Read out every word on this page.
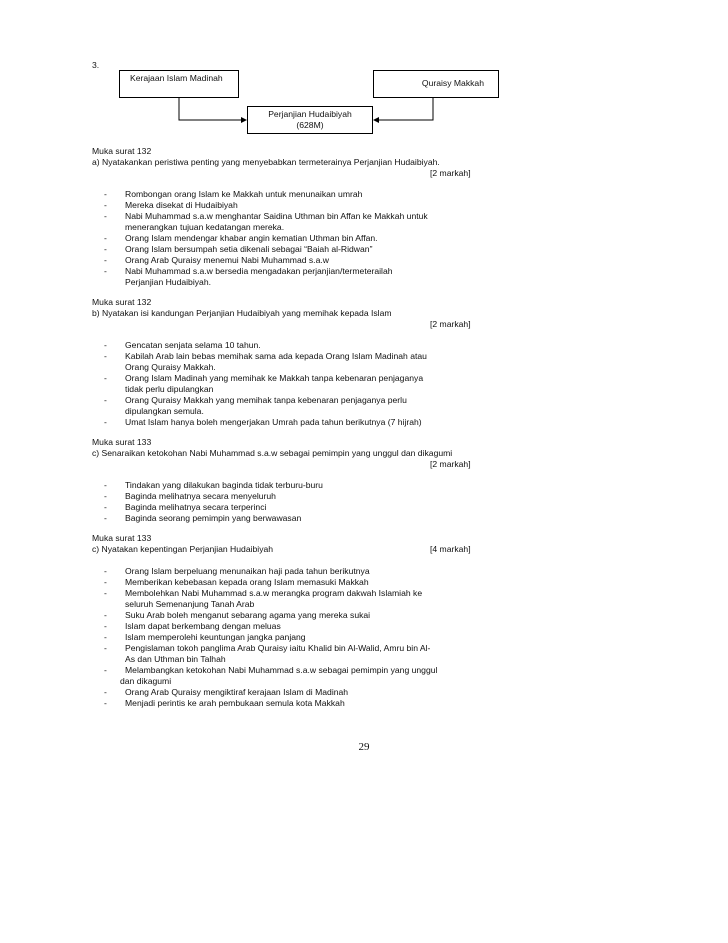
3.
Kerajaan Islam Madinah	Quraisy Makkah
Perjanjian Hudaibiyah
(628M)
Muka surat 132
a) Nyatakankan peristiwa penting yang menyebabkan termeterainya Perjanjian Hudaibiyah.
[2 markah]
- Rombongan orang Islam ke Makkah untuk menunaikan umrah
- Mereka disekat di Hudaibiyah
- Nabi Muhammad s.a.w menghantar Saidina Uthman bin Affan ke Makkah untuk
menerangkan tujuan kedatangan mereka.
- Orang Islam mendengar khabar angin kematian Uthman bin Affan.
- Orang Islam bersumpah setia dikenali sebagai “Baiah al-Ridwan”
- Orang Arab Quraisy menemui Nabi Muhammad s.a.w
- Nabi Muhammad s.a.w bersedia mengadakan perjanjian/termeterailah
Perjanjian Hudaibiyah.
Muka surat 132
b) Nyatakan isi kandungan Perjanjian Hudaibiyah yang memihak kepada Islam
[2 markah]
- Gencatan senjata selama 10 tahun.
- Kabilah Arab lain bebas memihak sama ada kepada Orang Islam Madinah atau
Orang Quraisy Makkah.
- Orang Islam Madinah yang memihak ke Makkah tanpa kebenaran penjaganya
tidak perlu dipulangkan
- Orang Quraisy Makkah yang memihak tanpa kebenaran penjaganya perlu
dipulangkan semula.
- Umat Islam hanya boleh mengerjakan Umrah pada tahun berikutnya (7 hijrah)
Muka surat 133
c) Senaraikan ketokohan Nabi Muhammad s.a.w sebagai pemimpin yang unggul dan dikagumi
[2 markah]
- Tindakan yang dilakukan baginda tidak terburu-buru
- Baginda melihatnya secara menyeluruh
- Baginda melihatnya secara terperinci
- Baginda seorang pemimpin yang berwawasan
Muka surat 133
c) Nyatakan kepentingan Perjanjian Hudaibiyah	[4 markah]
- Orang Islam berpeluang menunaikan haji pada tahun berikutnya
- Memberikan kebebasan kepada orang Islam memasuki Makkah
- Membolehkan Nabi Muhammad s.a.w merangka program dakwah Islamiah ke
seluruh Semenanjung Tanah Arab
- Suku Arab boleh menganut sebarang agama yang mereka sukai
- Islam dapat berkembang dengan meluas
- Islam memperolehi keuntungan jangka panjang
- Pengislaman tokoh panglima Arab Quraisy iaitu Khalid bin Al-Walid, Amru bin Al-
As dan Uthman bin Talhah
- Melambangkan ketokohan Nabi Muhammad s.a.w sebagai pemimpin yang unggul
dan dikagumi
- Orang Arab Quraisy mengiktiraf kerajaan Islam di Madinah
- Menjadi perintis ke arah pembukaan semula kota Makkah
29
